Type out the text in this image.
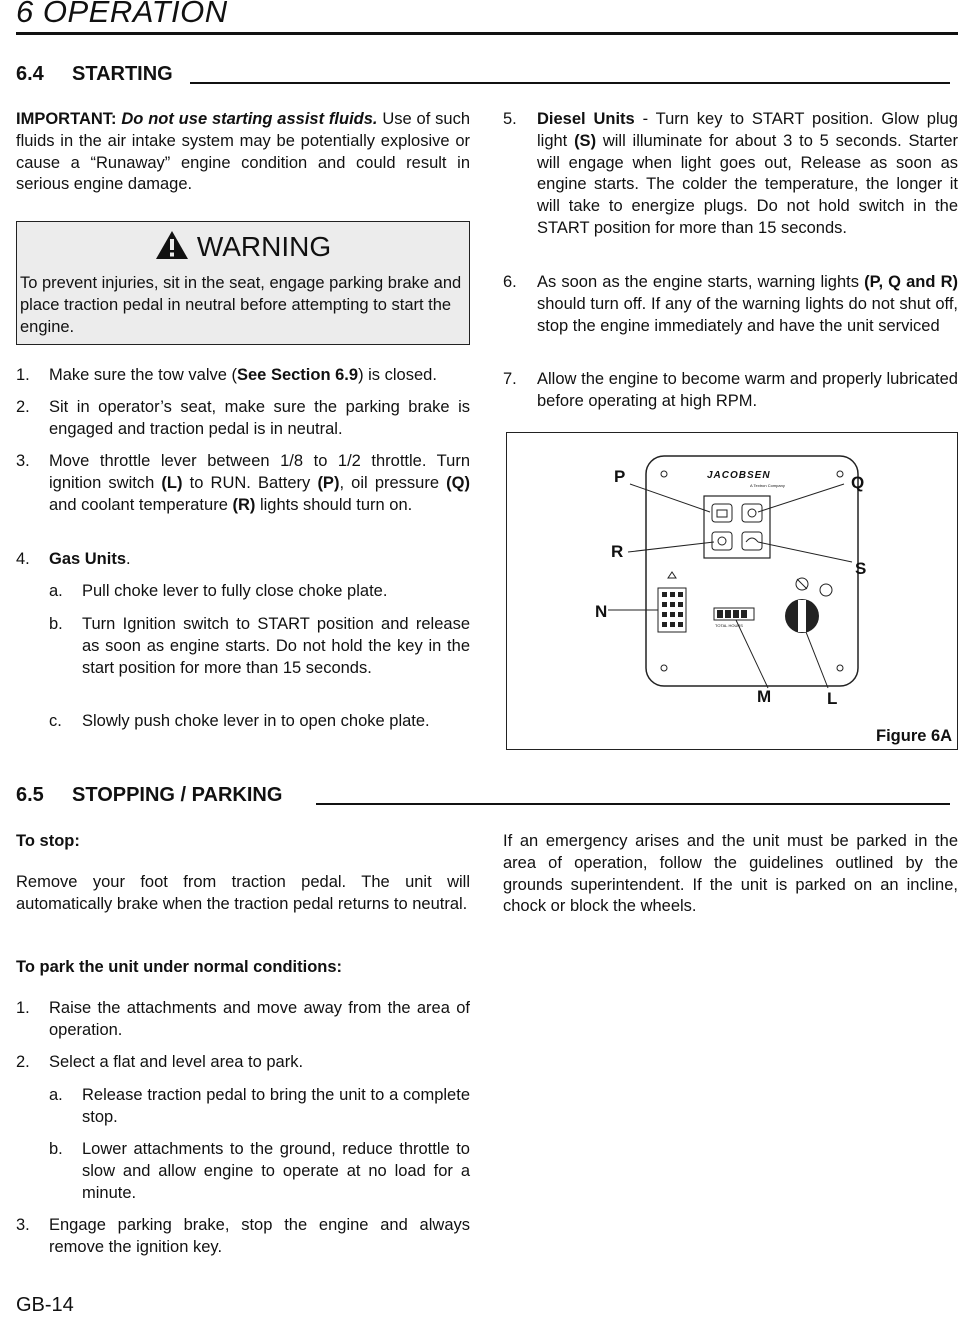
6 OPERATION
6.4 STARTING

IMPORTANT: Do not use starting assist fluids. Use of such fluids in the air intake system may be potentially explosive or cause a “Runaway” engine condition and could result in serious engine damage.

WARNING
To prevent injuries, sit in the seat, engage parking brake and place traction pedal in neutral before attempting to start the engine.
1.	Make sure the tow valve (See Section 6.9) is closed.
2.	Sit in operator’s seat, make sure the parking brake is engaged and traction pedal is in neutral.
3.	Move throttle lever between 1/8 to 1/2 throttle. Turn ignition switch (L) to RUN. Battery (P), oil pressure (Q) and coolant temperature (R) lights should turn on.
4.	Gas Units.
a.	Pull choke lever to fully close choke plate.
b.	Turn Ignition switch to START position and release as soon as engine starts. Do not hold the key in the start position for more than 15 seconds.
c.	Slowly push choke lever in to open choke plate.
5.	Diesel Units - Turn key to START position. Glow plug light (S) will illuminate for about 3 to 5 seconds. Starter will engage when light goes out, Release as soon as engine starts. The colder the temperature, the longer it will take to energize plugs. Do not hold switch in the START position for more than 15 seconds.
6.	As soon as the engine starts, warning lights (P, Q and R) should turn off. If any of the warning lights do not shut off, stop the engine immediately and have the unit serviced
7.	Allow the engine to become warm and properly lubricated before operating at high RPM.
JACOBSEN
A Textron Company
TOTAL HOURS
P	Q
R
S
N
M	L
Figure 6A
6.5 STOPPING / PARKING
To stop:

Remove your foot from traction pedal. The unit will automatically brake when the traction pedal returns to neutral.

If an emergency arises and the unit must be parked in the area of operation, follow the guidelines outlined by the grounds superintendent. If the unit is parked on an incline, chock or block the wheels.

To park the unit under normal conditions:
1.	Raise the attachments and move away from the area of operation.
2.	Select a flat and level area to park.
a.	Release traction pedal to bring the unit to a complete stop.
b.	Lower attachments to the ground, reduce throttle to slow and allow engine to operate at no load for a minute.
3.	Engage parking brake, stop the engine and always remove the ignition key.
GB-14
